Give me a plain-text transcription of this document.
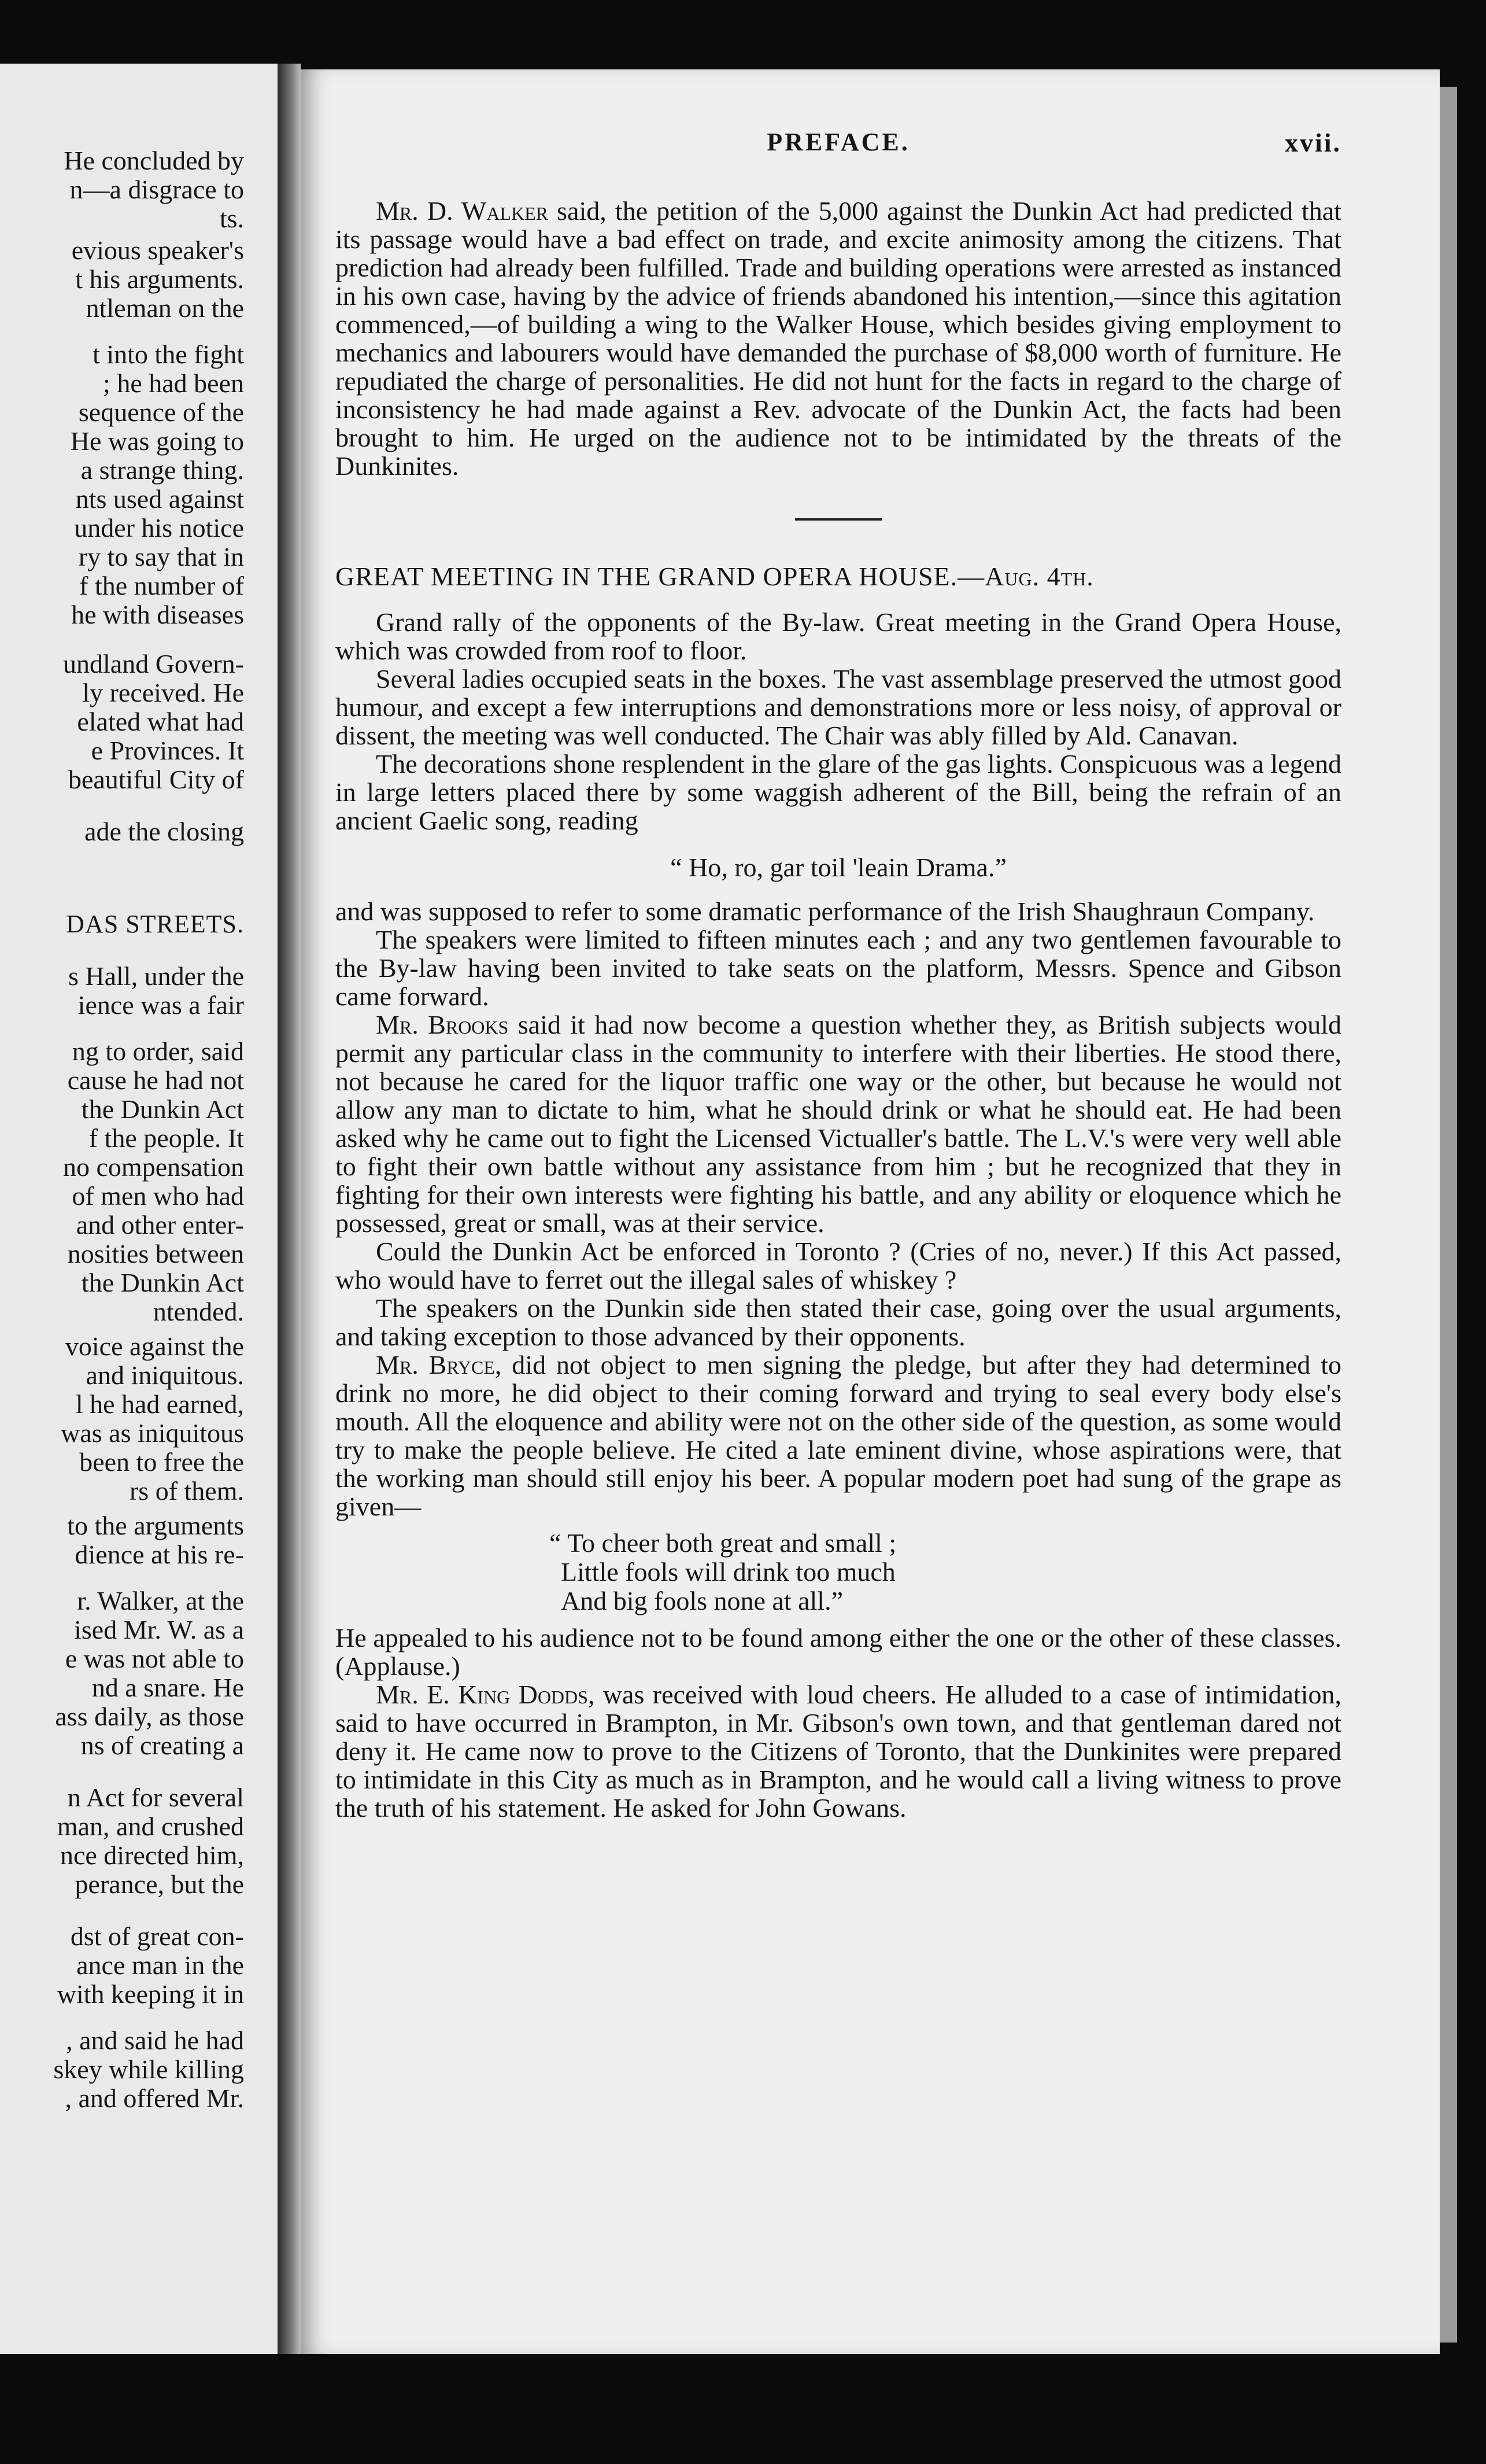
He concluded by
n—a disgrace to
ts.
evious speaker's
t his arguments.
ntleman on the
t into the fight
; he had been
sequence of the
He was going to
a strange thing.
nts used against
under his notice
ry to say that in
f the number of
he with diseases
undland Govern-
ly received. He
elated what had
e Provinces. It
beautiful City of
ade the closing
DAS STREETS.
s Hall, under the
ience was a fair
ng to order, said
cause he had not
the Dunkin Act
f the people. It
no compensation
of men who had
and other enter-
nosities between
the Dunkin Act
ntended.
voice against the
and iniquitous.
l he had earned,
was as iniquitous
been to free the
rs of them.
to the arguments
dience at his re-
r. Walker, at the
ised Mr. W. as a
e was not able to
nd a snare. He
ass daily, as those
ns of creating a
n Act for several
man, and crushed
nce directed him,
perance, but the
dst of great con-
ance man in the
with keeping it in
, and said he had
skey while killing
, and offered Mr.
PREFACE.	xvii.

Mr. D. Walker said, the petition of the 5,000 against the Dunkin Act had predicted that its passage would have a bad effect on trade, and excite animosity among the citizens. That prediction had already been fulfilled. Trade and building operations were arrested as instanced in his own case, having by the advice of friends abandoned his intention,—since this agitation commenced,—of building a wing to the Walker House, which besides giving employment to mechanics and labourers would have demanded the purchase of $8,000 worth of furniture. He repudiated the charge of personalities. He did not hunt for the facts in regard to the charge of inconsistency he had made against a Rev. advocate of the Dunkin Act, the facts had been brought to him. He urged on the audience not to be intimidated by the threats of the Dunkinites.

GREAT MEETING IN THE GRAND OPERA HOUSE.—Aug. 4th.

Grand rally of the opponents of the By-law. Great meeting in the Grand Opera House, which was crowded from roof to floor.

Several ladies occupied seats in the boxes. The vast assemblage preserved the utmost good humour, and except a few interruptions and demonstrations more or less noisy, of approval or dissent, the meeting was well conducted. The Chair was ably filled by Ald. Canavan.

The decorations shone resplendent in the glare of the gas lights. Conspicuous was a legend in large letters placed there by some waggish adherent of the Bill, being the refrain of an ancient Gaelic song, reading

“ Ho, ro, gar toil 'leain Drama.”

and was supposed to refer to some dramatic performance of the Irish Shaughraun Company.

The speakers were limited to fifteen minutes each ; and any two gentlemen favourable to the By-law having been invited to take seats on the platform, Messrs. Spence and Gibson came forward.

Mr. Brooks said it had now become a question whether they, as British subjects would permit any particular class in the community to interfere with their liberties. He stood there, not because he cared for the liquor traffic one way or the other, but because he would not allow any man to dictate to him, what he should drink or what he should eat. He had been asked why he came out to fight the Licensed Victualler's battle. The L.V.'s were very well able to fight their own battle without any assistance from him ; but he recognized that they in fighting for their own interests were fighting his battle, and any ability or eloquence which he possessed, great or small, was at their service.

Could the Dunkin Act be enforced in Toronto ? (Cries of no, never.) If this Act passed, who would have to ferret out the illegal sales of whiskey ?

The speakers on the Dunkin side then stated their case, going over the usual arguments, and taking exception to those advanced by their opponents.

Mr. Bryce, did not object to men signing the pledge, but after they had determined to drink no more, he did object to their coming forward and trying to seal every body else's mouth. All the eloquence and ability were not on the other side of the question, as some would try to make the people believe. He cited a late eminent divine, whose aspirations were, that the working man should still enjoy his beer. A popular modern poet had sung of the grape as given—

“ To cheer both great and small ;
Little fools will drink too much
And big fools none at all.”

He appealed to his audience not to be found among either the one or the other of these classes. (Applause.)

Mr. E. King Dodds, was received with loud cheers. He alluded to a case of intimidation, said to have occurred in Brampton, in Mr. Gibson's own town, and that gentleman dared not deny it. He came now to prove to the Citizens of Toronto, that the Dunkinites were prepared to intimidate in this City as much as in Brampton, and he would call a living witness to prove the truth of his statement. He asked for John Gowans.
